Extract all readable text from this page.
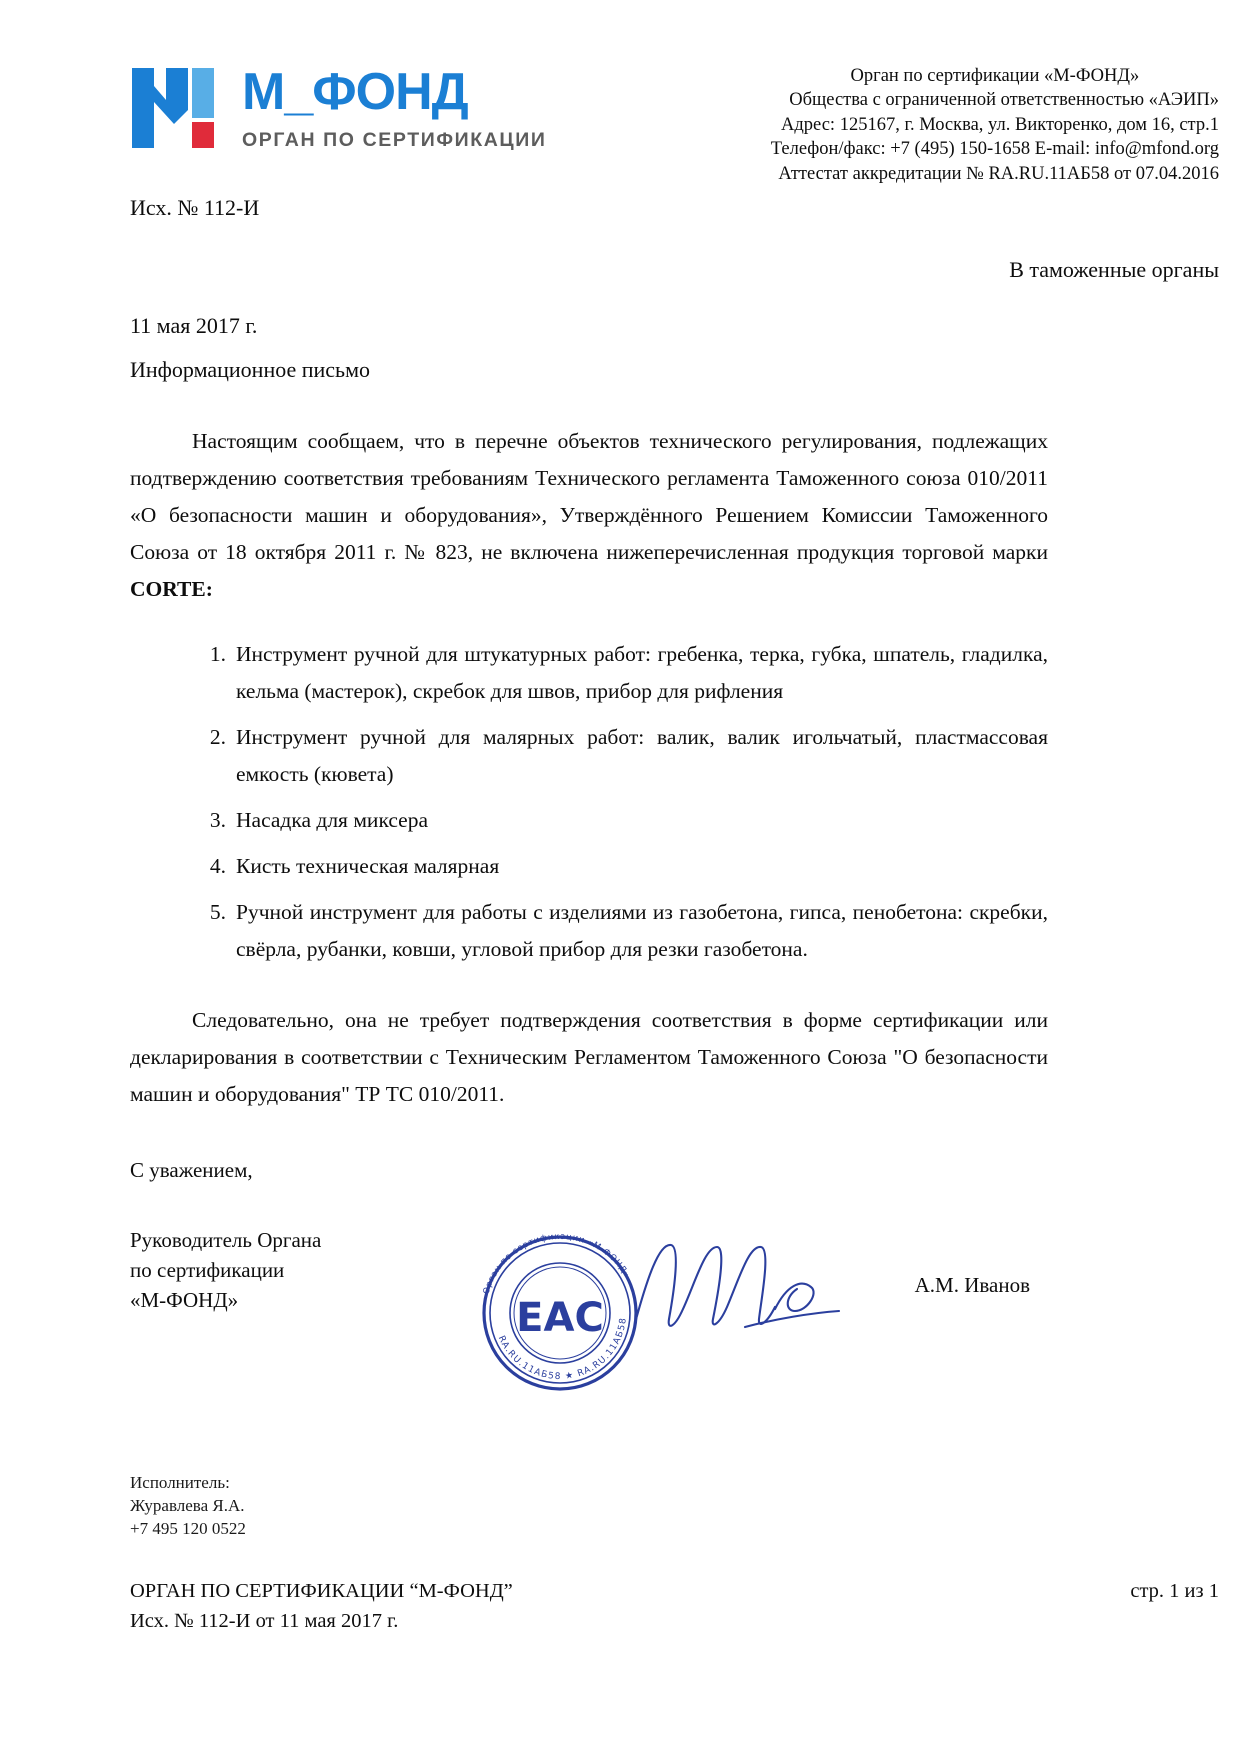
М_ФОНД
ОРГАН ПО СЕРТИФИКАЦИИ
Орган по сертификации «М-ФОНД»
Общества с ограниченной ответственностью «АЭИП»
Адрес: 125167, г. Москва, ул. Викторенко, дом 16, стр.1
Телефон/факс: +7 (495) 150-1658 E-mail: info@mfond.org
Аттестат аккредитации № RA.RU.11АБ58 от 07.04.2016
Исх. № 112-И
В таможенные органы
11 мая 2017 г.
Информационное письмо

Настоящим сообщаем, что в перечне объектов технического регулирования, подлежащих подтверждению соответствия требованиям Технического регламента Таможенного союза 010/2011 «О безопасности машин и оборудования», Утверждённого Решением Комиссии Таможенного Союза от 18 октября 2011 г. № 823, не включена нижеперечисленная продукция торговой марки CORTE:

Инструмент ручной для штукатурных работ: гребенка, терка, губка, шпатель, гладилка, кельма (мастерок), скребок для швов, прибор для рифления
Инструмент ручной для малярных работ: валик, валик игольчатый, пластмассовая емкость (кювета)
Насадка для миксера
Кисть техническая малярная
Ручной инструмент для работы с изделиями из газобетона, гипса, пенобетона: скребки, свёрла, рубанки, ковши, угловой прибор для резки газобетона.

Следовательно, она не требует подтверждения соответствия в форме сертификации или декларирования в соответствии с Техническим Регламентом Таможенного Союза "О безопасности машин и оборудования" ТР ТС 010/2011.

С уважением,
Руководитель Органа
по сертификации
«М-ФОНД»	Орган по сертификации «М-ФОНД»
RA.RU.11АБ58 ★ RA.RU.11АБ58
ЕАС
А.М. Иванов
Исполнитель:
Журавлева Я.А.
+7 495 120 0522
ОРГАН ПО СЕРТИФИКАЦИИ “М-ФОНД”
Исх. № 112-И от 11 мая 2017 г.
стр. 1 из 1
